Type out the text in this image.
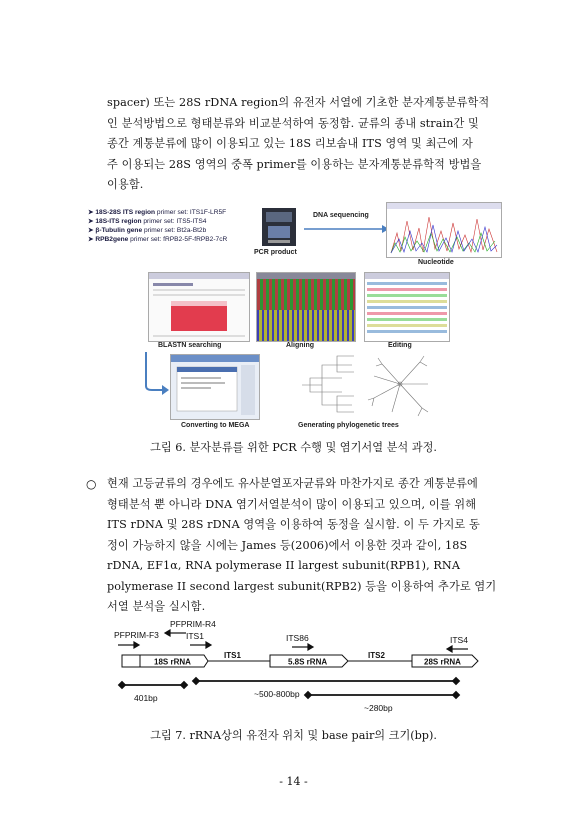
spacer) 또는 28S rDNA region의 유전자 서열에 기초한 분자계통분류학적
인 분석방법으로 형태분류와 비교분석하여 동정함. 균류의 종내 strain간 및
종간 계통분류에 많이 이용되고 있는 18S 리보솜내 ITS 영역 및 최근에 자
주 이용되는 28S 영역의 중폭 primer를 이용하는 분자계통분류학적 방법을
이용함.
➤ 18S-28S ITS region primer set: ITS1F-LR5F
➤ 18S-ITS region primer set: ITS5-ITS4
➤ β-Tubulin gene primer set: Bt2a-Bt2b
➤ RPB2gene primer set: fRPB2-5F-fRPB2-7cR
PCR product
DNA sequencing
Nucleotide
BLASTN searching	Aligning	Editing
Converting to MEGA	Generating phylogenetic trees
그림 6. 분자분류를 위한 PCR 수행 및 염기서열 분석 과정.
○ 현재 고등균류의 경우에도 유사분열포자균류와 마찬가지로 종간 계통분류에
형태분석 뿐 아니라 DNA 염기서열분석이 많이 이용되고 있으며, 이를 위해
ITS rDNA 및 28S rDNA 영역을 이용하여 동정을 실시함. 이 두 가지로 동
정이 가능하지 않을 시에는 James 등(2006)에서 이용한 것과 같이, 18S
rDNA, EF1α, RNA polymerase II largest subunit(RPB1), RNA
polymerase II second largest subunit(RPB2) 등을 이용하여 추가로 염기
서열 분석을 실시함.
PFPRIM-F3
PFPRIM-R4
ITS1	ITS86	ITS4
18S rRNA
ITS1
5.8S rRNA
ITS2
28S rRNA
401bp	~500-800bp
~280bp
그림 7. rRNA상의 유전자 위치 및 base pair의 크기(bp).
- 14 -
